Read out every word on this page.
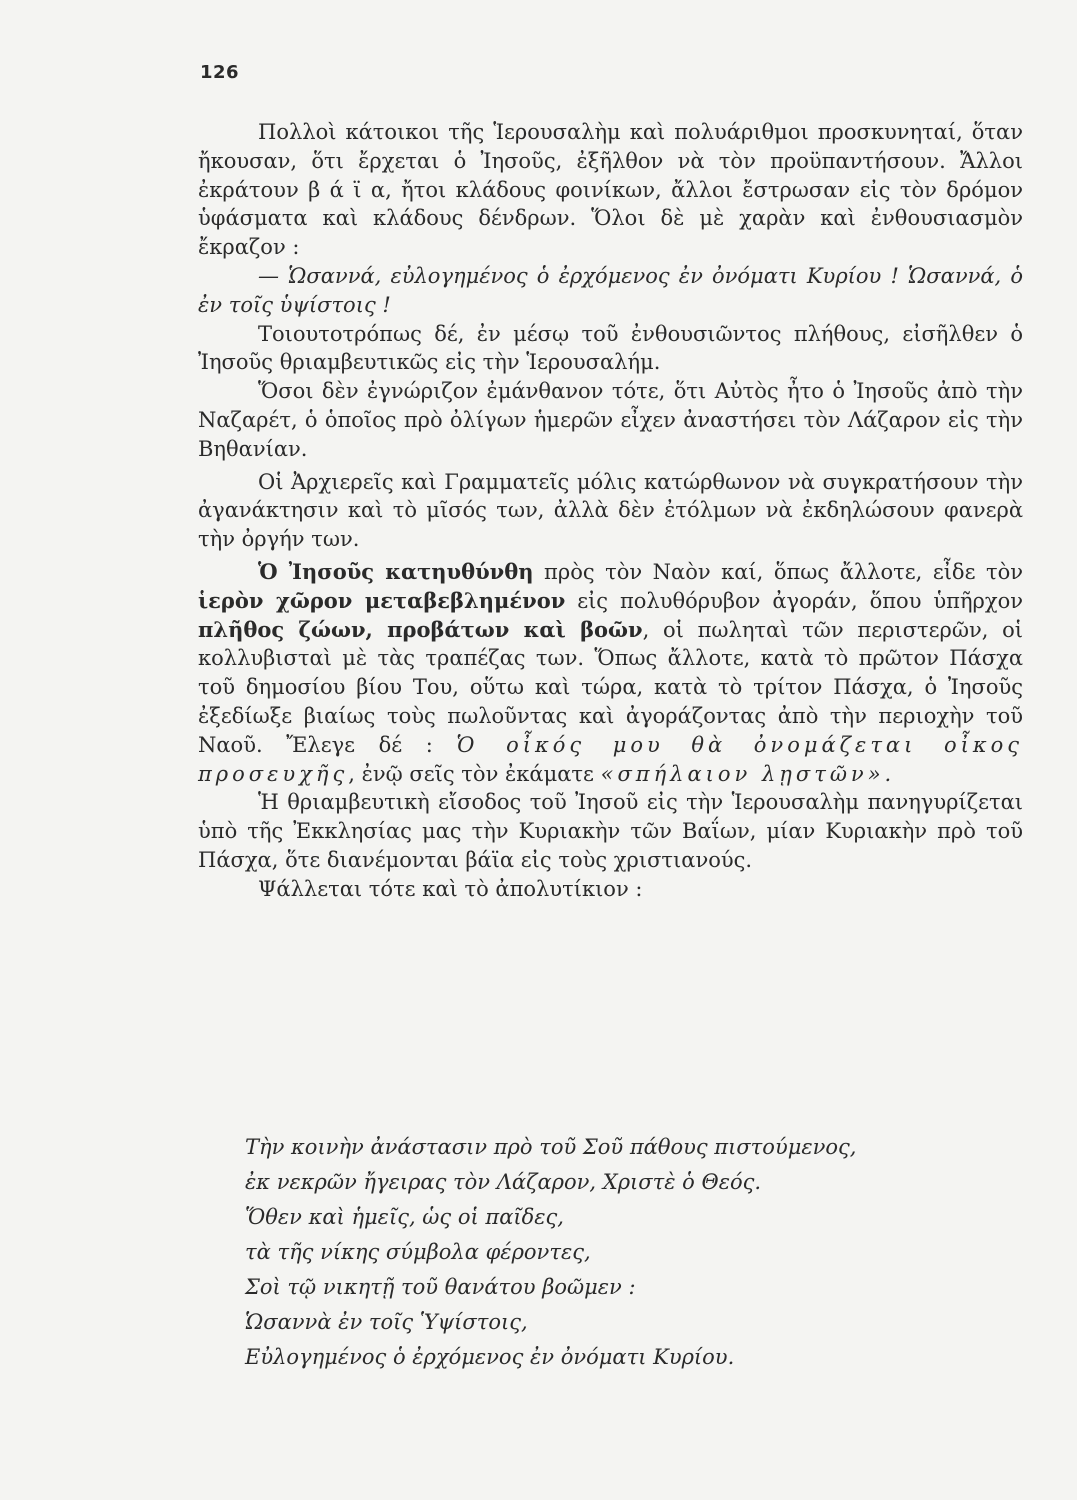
126

Πολλοὶ κάτοικοι τῆς Ἱερουσαλὴμ καὶ πολυάριθμοι προσκυνηταί, ὅταν ἤκουσαν, ὅτι ἔρχεται ὁ Ἰησοῦς, ἐξῆλθον νὰ τὸν προϋπαντήσουν. Ἄλλοι ἐκράτουν β ά ϊ α, ἤτοι κλάδους φοινίκων, ἄλλοι ἔστρωσαν εἰς τὸν δρόμον ὑφάσματα καὶ κλάδους δένδρων. Ὅλοι δὲ μὲ χαρὰν καὶ ἐνθουσιασμὸν ἔκραζον :

— Ὡσαννά, εὐλογημένος ὁ ἐρχόμενος ἐν ὀνόματι Κυρίου ! Ὡσαννά, ὁ ἐν τοῖς ὑψίστοις !

Τοιουτοτρόπως δέ, ἐν μέσῳ τοῦ ἐνθουσιῶντος πλήθους, εἰσῆλθεν ὁ Ἰησοῦς θριαμβευτικῶς εἰς τὴν Ἱερουσαλήμ.

Ὅσοι δὲν ἐγνώριζον ἐμάνθανον τότε, ὅτι Αὐτὸς ἦτο ὁ Ἰησοῦς ἀπὸ τὴν Ναζαρέτ, ὁ ὁποῖος πρὸ ὀλίγων ἡμερῶν εἶχεν ἀναστήσει τὸν Λάζαρον εἰς τὴν Βηθανίαν.

Οἱ Ἀρχιερεῖς καὶ Γραμματεῖς μόλις κατώρθωνον νὰ συγκρατήσουν τὴν ἀγανάκτησιν καὶ τὸ μῖσός των, ἀλλὰ δὲν ἐτόλμων νὰ ἐκδηλώσουν φανερὰ τὴν ὀργήν των.

Ὁ Ἰησοῦς κατηυθύνθη πρὸς τὸν Ναὸν καί, ὅπως ἄλλοτε, εἶδε τὸν ἱερὸν χῶρον μεταβεβλημένον εἰς πολυθόρυβον ἀγοράν, ὅπου ὑπῆρχον πλῆθος ζώων, προβάτων καὶ βοῶν, οἱ πωληταὶ τῶν περιστερῶν, οἱ κολλυβισταὶ μὲ τὰς τραπέζας των. Ὅπως ἄλλοτε, κατὰ τὸ πρῶτον Πάσχα τοῦ δημοσίου βίου Του, οὕτω καὶ τώρα, κατὰ τὸ τρίτον Πάσχα, ὁ Ἰησοῦς ἐξεδίωξε βιαίως τοὺς πωλοῦντας καὶ ἀγοράζοντας ἀπὸ τὴν περιοχὴν τοῦ Ναοῦ. Ἔλεγε δέ : Ὁ οἶκός μου θὰ ὀνομάζεται οἶκος προσευχῆς, ἐνῷ σεῖς τὸν ἐκάματε «σπήλαιον λῃστῶν».

Ἡ θριαμβευτικὴ εἴσοδος τοῦ Ἰησοῦ εἰς τὴν Ἱερουσαλὴμ πανηγυρίζεται ὑπὸ τῆς Ἐκκλησίας μας τὴν Κυριακὴν τῶν Βαΐων, μίαν Κυριακὴν πρὸ τοῦ Πάσχα, ὅτε διανέμονται βάϊα εἰς τοὺς χριστιανούς.

Ψάλλεται τότε καὶ τὸ ἀπολυτίκιον :

Τὴν κοινὴν ἀνάστασιν πρὸ τοῦ Σοῦ πάθους πιστούμενος,
ἐκ νεκρῶν ἤγειρας τὸν Λάζαρον, Χριστὲ ὁ Θεός.
Ὅθεν καὶ ἡμεῖς, ὡς οἱ παῖδες,
τὰ τῆς νίκης σύμβολα φέροντες,
Σοὶ τῷ νικητῇ τοῦ θανάτου βοῶμεν :
Ὡσαννὰ ἐν τοῖς Ὑψίστοις,
Εὐλογημένος ὁ ἐρχόμενος ἐν ὀνόματι Κυρίου.
